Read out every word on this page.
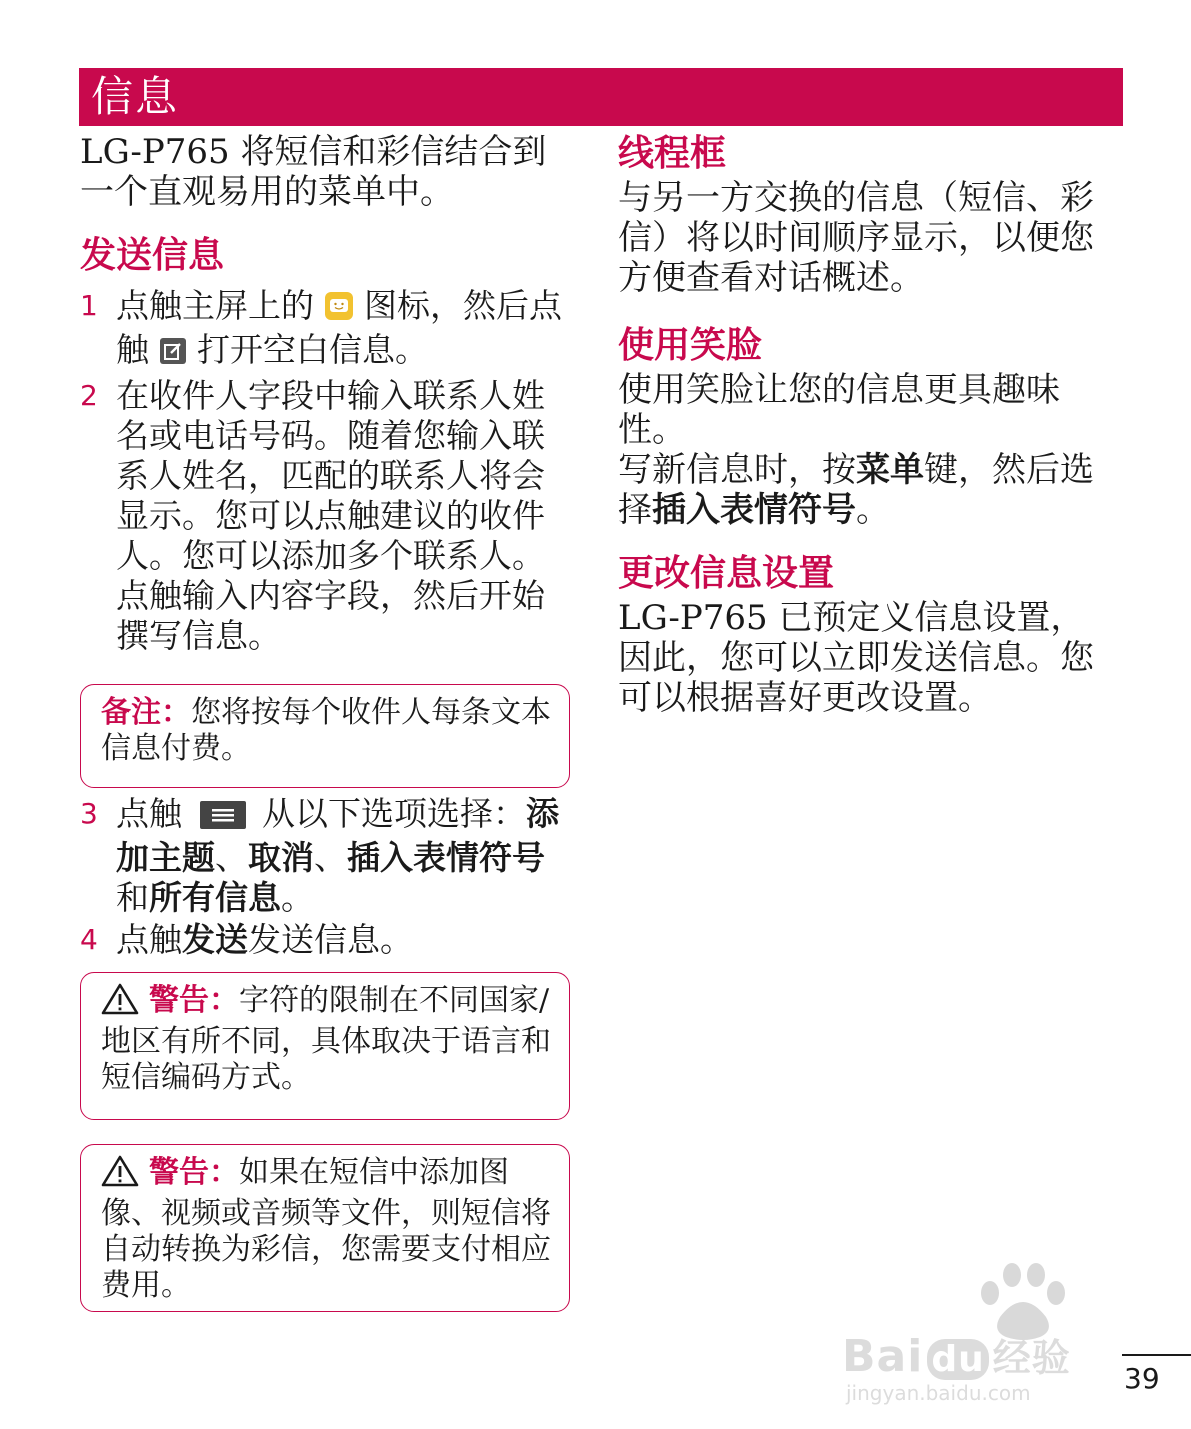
信息

LG-P765 将短信和彩信结合到一个直观易用的菜单中。

发送信息
1 点触主屏上的 图标，然后点触 打开空白信息。
2 在收件人字段中输入联系人姓名或电话号码。随着您输入联系人姓名，匹配的联系人将会显示。您可以点触建议的收件人。您可以添加多个联系人。点触输入内容字段，然后开始撰写信息。
备注：您将按每个收件人每条文本信息付费。
3 点触 从以下选项选择：添加主题、取消、插入表情符号和所有信息。
4 点触发送发送信息。
警告：字符的限制在不同国家/地区有所不同，具体取决于语言和短信编码方式。
警告：如果在短信中添加图像、视频或音频等文件，则短信将自动转换为彩信，您需要支付相应费用。
线程框

与另一方交换的信息（短信、彩信）将以时间顺序显示，以便您方便查看对话概述。

使用笑脸

使用笑脸让您的信息更具趣味性。

写新信息时，按菜单键，然后选择插入表情符号。

更改信息设置

LG-P765 已预定义信息设置，因此，您可以立即发送信息。您可以根据喜好更改设置。

Bai du 经验
jingyan.baidu.com	39
